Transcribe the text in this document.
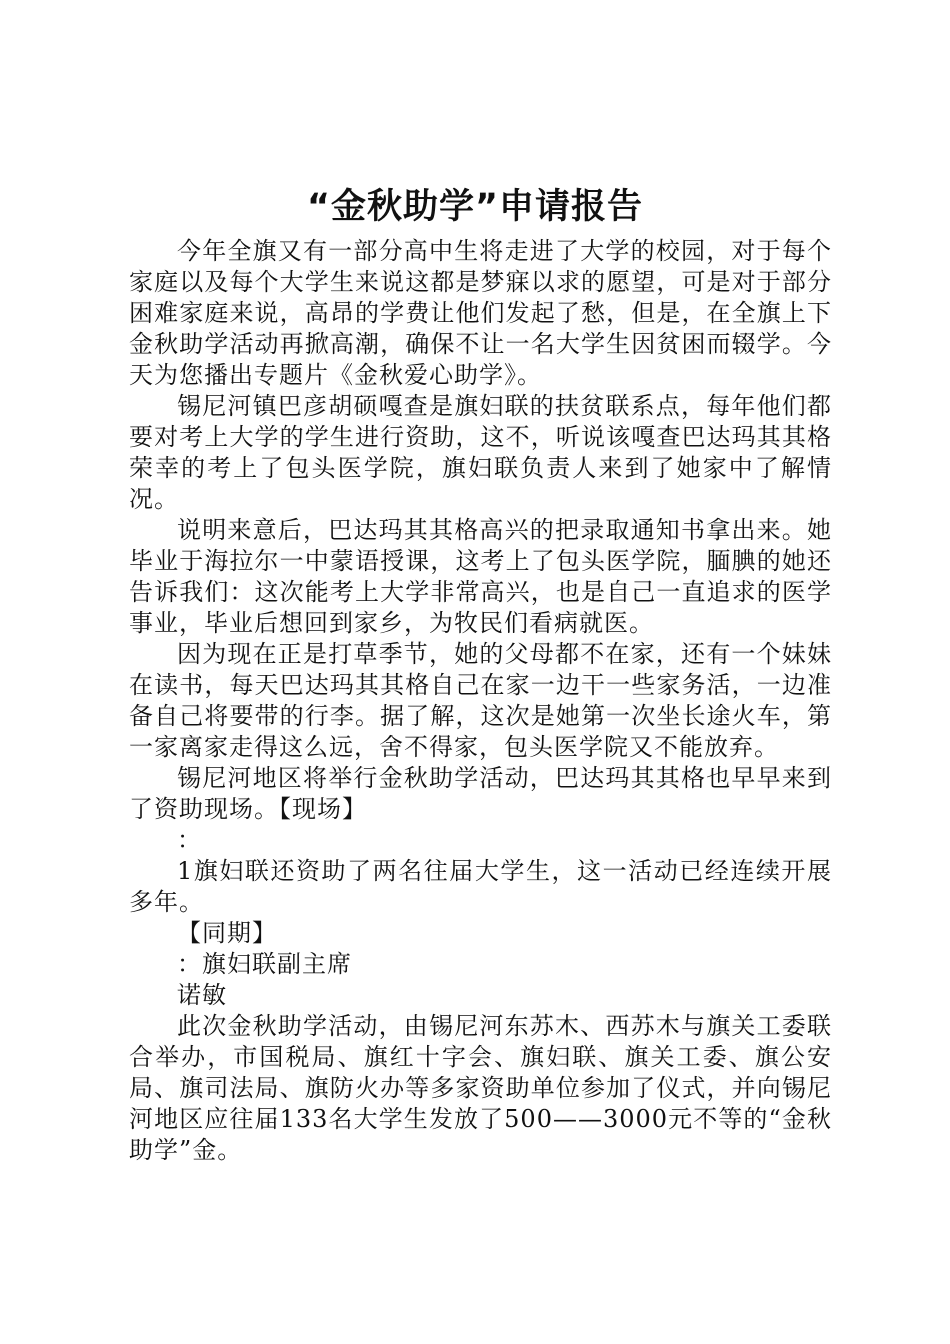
“金秋助学”申请报告

今年全旗又有一部分高中生将走进了大学的校园，对于每个家庭以及每个大学生来说这都是梦寐以求的愿望，可是对于部分困难家庭来说，高昂的学费让他们发起了愁，但是，在全旗上下金秋助学活动再掀高潮，确保不让一名大学生因贫困而辍学。今天为您播出专题片《金秋爱心助学》。

锡尼河镇巴彦胡硕嘎查是旗妇联的扶贫联系点，每年他们都要对考上大学的学生进行资助，这不，听说该嘎查巴达玛其其格荣幸的考上了包头医学院，旗妇联负责人来到了她家中了解情况。

说明来意后，巴达玛其其格高兴的把录取通知书拿出来。她毕业于海拉尔一中蒙语授课，这考上了包头医学院，腼腆的她还告诉我们：这次能考上大学非常高兴，也是自己一直追求的医学事业，毕业后想回到家乡，为牧民们看病就医。

因为现在正是打草季节，她的父母都不在家，还有一个妹妹在读书，每天巴达玛其其格自己在家一边干一些家务活，一边准备自己将要带的行李。据了解，这次是她第一次坐长途火车，第一家离家走得这么远，舍不得家，包头医学院又不能放弃。

锡尼河地区将举行金秋助学活动，巴达玛其其格也早早来到了资助现场。【现场】

：

1旗妇联还资助了两名往届大学生，这一活动已经连续开展多年。

【同期】

：旗妇联副主席

诺敏

此次金秋助学活动，由锡尼河东苏木、西苏木与旗关工委联合举办，市国税局、旗红十字会、旗妇联、旗关工委、旗公安局、旗司法局、旗防火办等多家资助单位参加了仪式，并向锡尼河地区应往届133名大学生发放了500——3000元不等的“金秋助学”金。
